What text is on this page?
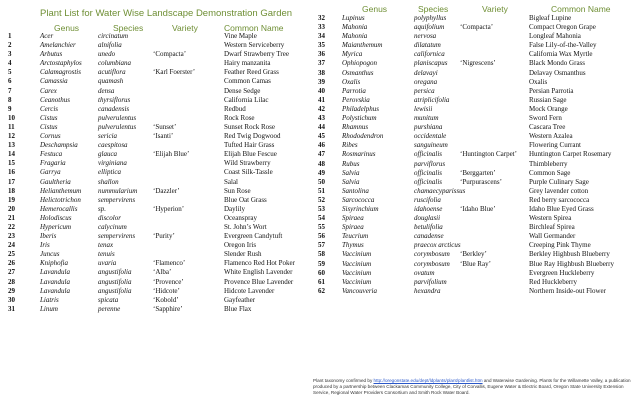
Plant List for Water Wise Landscape Demonstration Garden
Genus	Species	Variety	Common Name
Genus	Species	Variety	Common Name
1	Acer	circinatum	Vine Maple
2	Amelanchier	alnifolia	Western Serviceberry
3	Arbutus	unedo	‘Compacta’	Dwarf Strawberry Tree
4	Arctostaphylos columbiana	Hairy manzanita
5	Calamagrostis acutiflora	‘Karl Foerster’	Feather Reed Grass
6	Camassia	quamash	Common Camas
7	Carex	densa	Dense Sedge
8	Ceanothus	thyrsiflorus	California Lilac
9	Cercis	canadensis	Redbud
10	Cistus	pulverulentus	Rock Rose
11	Cistus	pulverulentus ‘Sunset’	Sunset Rock Rose
12	Cornus	sericia	‘Isanti’	Red Twig Dogwood
13	Deschampsia	caespitosa	Tufted Hair Grass
14	Festuca	glauca	‘Elijah Blue’	Elijah Blue Fescue
15	Fragaria	virginiana	Wild Strawberry
16	Garrya	elliptica	Coast Silk-Tassle
17	Gaultheria	shallon	Salal
18	Helianthemum nummularium ‘Dazzler’	Sun Rose
19	Helictotrichon sempervirens	Blue Oat Grass
20	Hemerocallis	sp.	‘Hyperion’	Daylily
21	Holodiscus	discolor	Oceanspray
22	Hypericum	calycinum	St. John’s Wort
23	Iberis	sempervirens	‘Purity’	Evergreen Candytuft
24	Iris	tenax	Oregon Iris
25	Juncus	tenuis	Slender Rush
26	Kniphofia	uvaria	‘Flamenco’	Flamenco Red Hot Poker
27	Lavandula	angustifolia	‘Alba’	White English Lavender
28	Lavandula	angustifolia	‘Provence’	Provence Blue Lavender
29	Lavandula	angustifolia	‘Hidcote’	Hidcote Lavender
30	Liatris	spicata	‘Kobold’	Gayfeather
31	Linum	perenne	‘Sapphire’	Blue Flax
32 Lupinus	polyphyllus	Bigleaf Lupine
33 Mahonia	aquifolium ‘Compacta’	Compact Oregon Grape
34 Mahonia	nervosa	Longleaf Mahonia
35 Maianthemum	dilatatum	False Lily-of-the-Valley
36 Myrica	californica	California Wax Myrtle
37 Ophiopogon	planiscapus ‘Nigrescens’	Black Mondo Grass
38 Osmanthus	delavayi	Delavay Osmanthus
39 Oxalis	oregana	Oxalis
40 Parrotia	persica	Persian Parrotia
41 Perovskia	atriplicifolia	Russian Sage
42 Philadelphus	lewisii	Mock Orange
43 Polystichum	munitum	Sword Fern
44 Rhamnus	purshiana	Cascara Tree
45 Rhododendron	occidentale	Western Azalea
46 Ribes	sanguineum	Flowering Currant
47 Rosmarinus	officinalis	‘Huntington Carpet’ Huntington Carpet Rosemary
48 Rubus	parviflorus	Thimbleberry
49 Salvia	officinalis	‘Berggarten’	Common Sage
50 Salvia	officinalis	‘Purpurascens’	Purple Culinary Sage
51 Santolina	chamaecyparissus	Grey lavender cotton
52 Sarcococca	ruscifolia	Red berry sarcococca
53 Sisyrinchium	idahoense	‘Idaho Blue’	Idaho Blue Eyed Grass
54 Spiraea	douglasii	Western Spirea
55 Spiraea	betulifolia	Birchleaf Spirea
56 Teucrium	canadense	Wall Germander
57 Thymus	praecox arcticus	Creeping Pink Thyme
58 Vaccinium	corymbosum ‘Berkley’	Berkley Highbush Blueberry
59 Vaccinium	corymbosum ‘Blue Ray’	Blue Ray Highbush Blueberry
60 Vaccinium	ovatum	Evergreen Huckleberry
61 Vaccinium	parvifolium	Red Huckleberry
62 Vancouveria	hexandra	Northern Inside-out Flower
Plant taxonomy confirmed by http://oregonstate.edu/dept/ldplants/plant/plantlist.htm and Waterwise Gardening. Plants for the Willamette Valley, a publication produced by a partnership between Clackamas Community College, City of Corvallis, Eugene Water & Electric Board, Oregon State University Extension Service, Regional Water Providers Consortium and Smith Rock Water Board.
